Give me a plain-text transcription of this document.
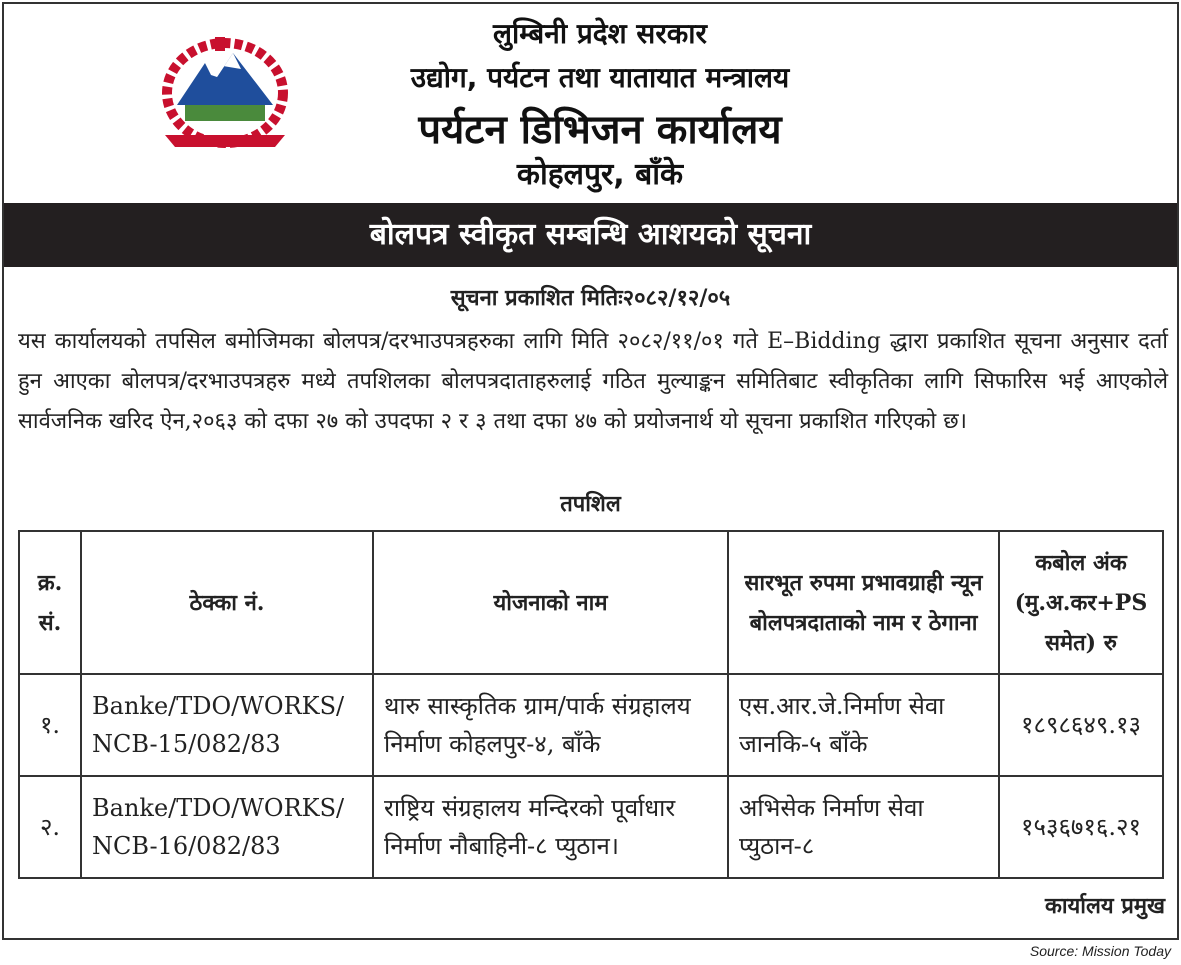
लुम्बिनी प्रदेश सरकार
उद्योग, पर्यटन तथा यातायात मन्त्रालय
पर्यटन डिभिजन कार्यालय
कोहलपुर, बाँके
बोलपत्र स्वीकृत सम्बन्धि आशयको सूचना
सूचना प्रकाशित मितिः२०८२/१२/०५
यस कार्यालयको तपसिल बमोजिमका बोलपत्र/दरभाउपत्रहरुका लागि मिति २०८२/११/०१ गते E–Bidding द्धारा प्रकाशित सूचना अनुसार दर्ता हुन आएका बोलपत्र/दरभाउपत्रहरु मध्ये तपशिलका बोलपत्रदाताहरुलाई गठित मुल्याङ्कन समितिबाट स्वीकृतिका लागि सिफारिस भई आएकोले सार्वजनिक खरिद ऐन,२०६३ को दफा २७ को उपदफा २ र ३ तथा दफा ४७ को प्रयोजनार्थ यो सूचना प्रकाशित गरिएको छ।
तपशिल
क्र. सं.	ठेक्का नं.	योजनाको नाम	सारभूत रुपमा प्रभावग्राही न्यून बोलपत्रदाताको नाम र ठेगाना	कबोल अंक (मु.अ.कर+PS समेत) रु
१.	Banke/TDO/WORKS/ NCB-15/082/83	थारु सास्कृतिक ग्राम/पार्क संग्रहालय निर्माण कोहलपुर-४, बाँके	एस.आर.जे.निर्माण सेवा जानकि-५ बाँके	१८९८६४९.१३
२.	Banke/TDO/WORKS/ NCB-16/082/83	राष्ट्रिय संग्रहालय मन्दिरको पूर्वाधार निर्माण नौबाहिनी-८ प्युठान।	अभिसेक निर्माण सेवा प्युठान-८	१५३६७१६.२१
कार्यालय प्रमुख
Source: Mission Today
